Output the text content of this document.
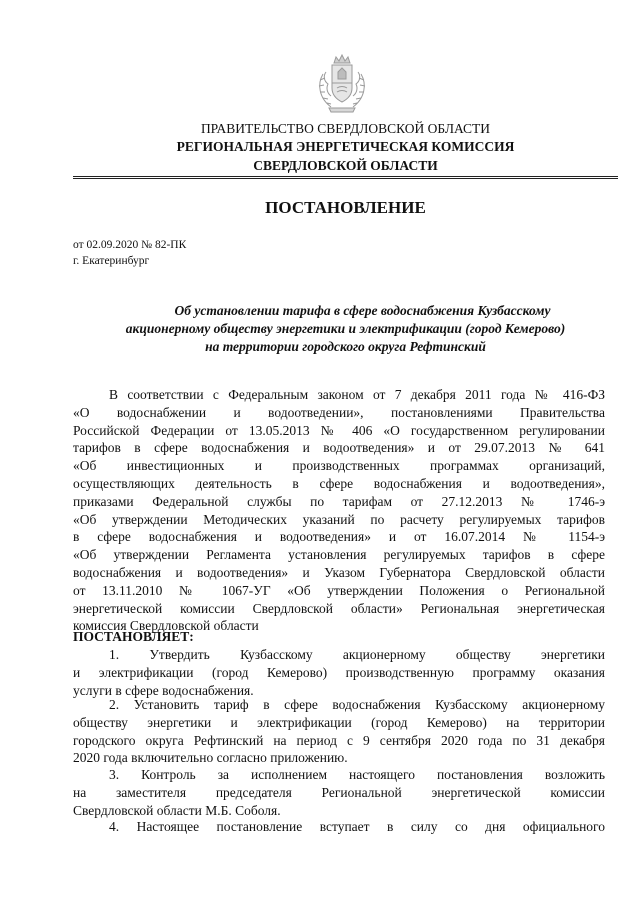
ПРАВИТЕЛЬСТВО СВЕРДЛОВСКОЙ ОБЛАСТИ
РЕГИОНАЛЬНАЯ ЭНЕРГЕТИЧЕСКАЯ КОМИССИЯ
СВЕРДЛОВСКОЙ ОБЛАСТИ
ПОСТАНОВЛЕНИЕ
от 02.09.2020 № 82-ПК
г. Екатеринбург
Об установлении тарифа в сфере водоснабжения Кузбасскому
акционерному обществу энергетики и электрификации (город Кемерово)
на территории городского округа Рефтинский

В соответствии с Федеральным законом от 7 декабря 2011 года № 416-ФЗ

«О водоснабжении и водоотведении», постановлениями Правительства

Российской Федерации от 13.05.2013 № 406 «О государственном регулировании

тарифов в сфере водоснабжения и водоотведения» и от 29.07.2013 № 641

«Об инвестиционных и производственных программах организаций,

осуществляющих деятельность в сфере водоснабжения и водоотведения»,

приказами Федеральной службы по тарифам от 27.12.2013 № 1746-э

«Об утверждении Методических указаний по расчету регулируемых тарифов

в сфере водоснабжения и водоотведения» и от 16.07.2014 № 1154-э

«Об утверждении Регламента установления регулируемых тарифов в сфере

водоснабжения и водоотведения» и Указом Губернатора Свердловской области

от 13.11.2010 № 1067-УГ «Об утверждении Положения о Региональной

энергетической комиссии Свердловской области» Региональная энергетическая

комиссия Свердловской области

ПОСТАНОВЛЯЕТ:

1. Утвердить Кузбасскому акционерному обществу энергетики

и электрификации (город Кемерово) производственную программу оказания

услуги в сфере водоснабжения.

2. Установить тариф в сфере водоснабжения Кузбасскому акционерному

обществу энергетики и электрификации (город Кемерово) на территории

городского округа Рефтинский на период с 9 сентября 2020 года по 31 декабря

2020 года включительно согласно приложению.

3. Контроль за исполнением настоящего постановления возложить

на заместителя председателя Региональной энергетической комиссии

Свердловской области М.Б. Соболя.

4. Настоящее постановление вступает в силу со дня официального
